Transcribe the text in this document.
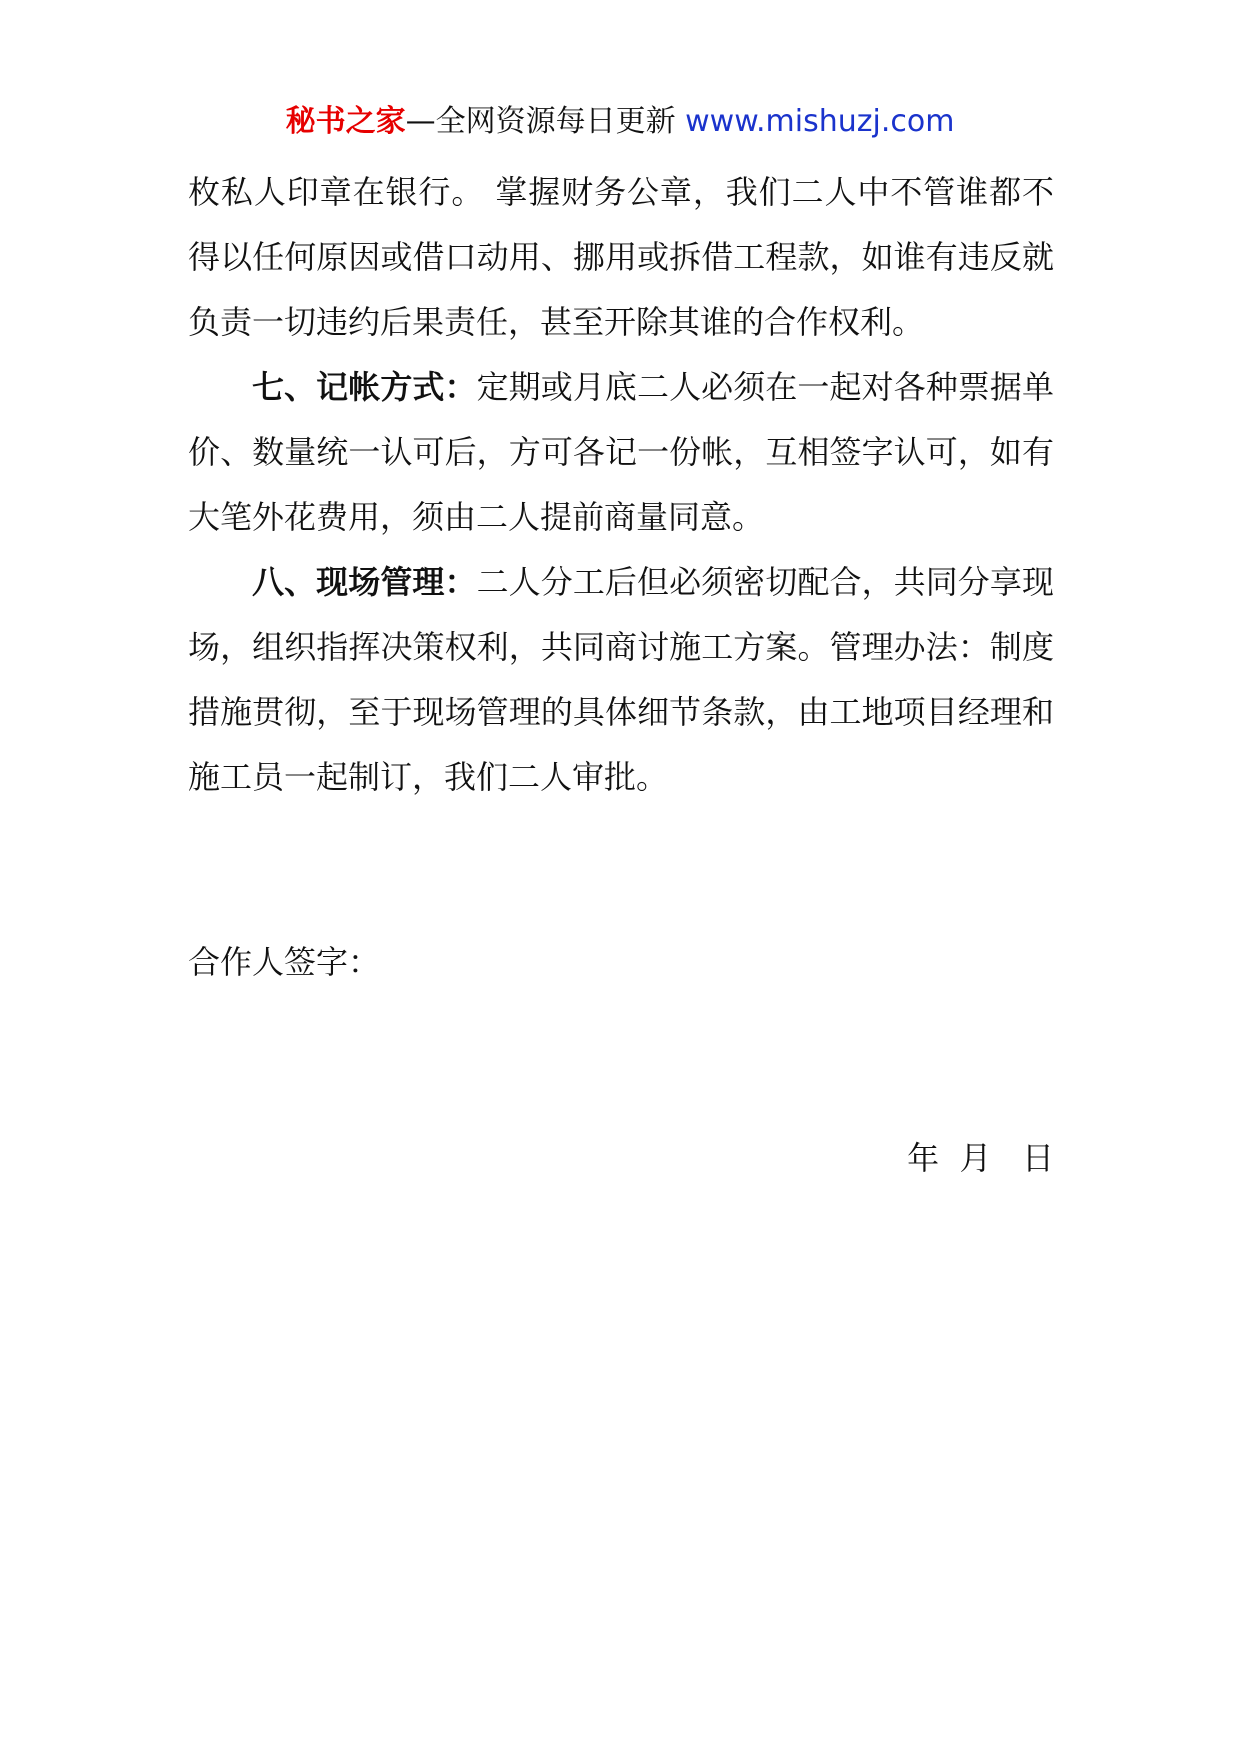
秘书之家—全网资源每日更新 www.mishuzj.com

枚私人印章在银行。 掌握财务公章，我们二人中不管谁都不得以任何原因或借口动用、挪用或拆借工程款，如谁有违反就负责一切违约后果责任，甚至开除其谁的合作权利。

七、记帐方式：定期或月底二人必须在一起对各种票据单价、数量统一认可后，方可各记一份帐，互相签字认可，如有大笔外花费用，须由二人提前商量同意。

八、现场管理：二人分工后但必须密切配合，共同分享现场，组织指挥决策权利，共同商讨施工方案。管理办法：制度措施贯彻，至于现场管理的具体细节条款，由工地项目经理和施工员一起制订，我们二人审批。

合作人签字：
年  月   日
